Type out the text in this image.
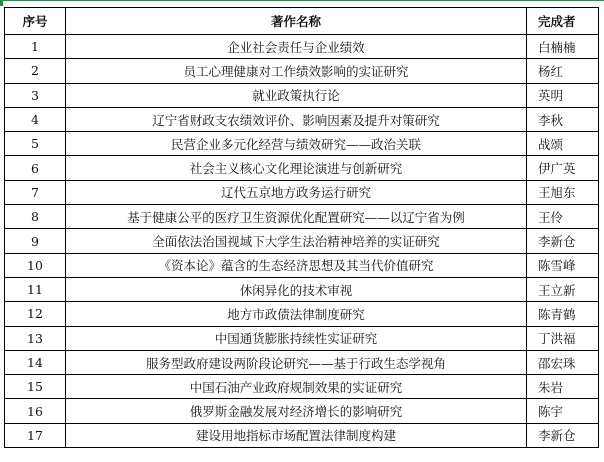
序号	著作名称	完成者
1	企业社会责任与企业绩效	白楠楠
2	员工心理健康对工作绩效影响的实证研究	杨红
3	就业政策执行论	英明
4	辽宁省财政支农绩效评价、影响因素及提升对策研究	李秋
5	民营企业多元化经营与绩效研究——政治关联	战颂
6	社会主义核心文化理论演进与创新研究	伊广英
7	辽代五京地方政务运行研究	王旭东
8	基于健康公平的医疗卫生资源优化配置研究——以辽宁省为例	王伶
9	全面依法治国视域下大学生法治精神培养的实证研究	李新仓
10	《资本论》蕴含的生态经济思想及其当代价值研究	陈雪峰
11	休闲异化的技术审视	王立新
12	地方市政债法律制度研究	陈青鹤
13	中国通货膨胀持续性实证研究	丁洪福
14	服务型政府建设两阶段论研究——基于行政生态学视角	邵宏珠
15	中国石油产业政府规制效果的实证研究	朱岩
16	俄罗斯金融发展对经济增长的影响研究	陈宇
17	建设用地指标市场配置法律制度构建	李新仓
